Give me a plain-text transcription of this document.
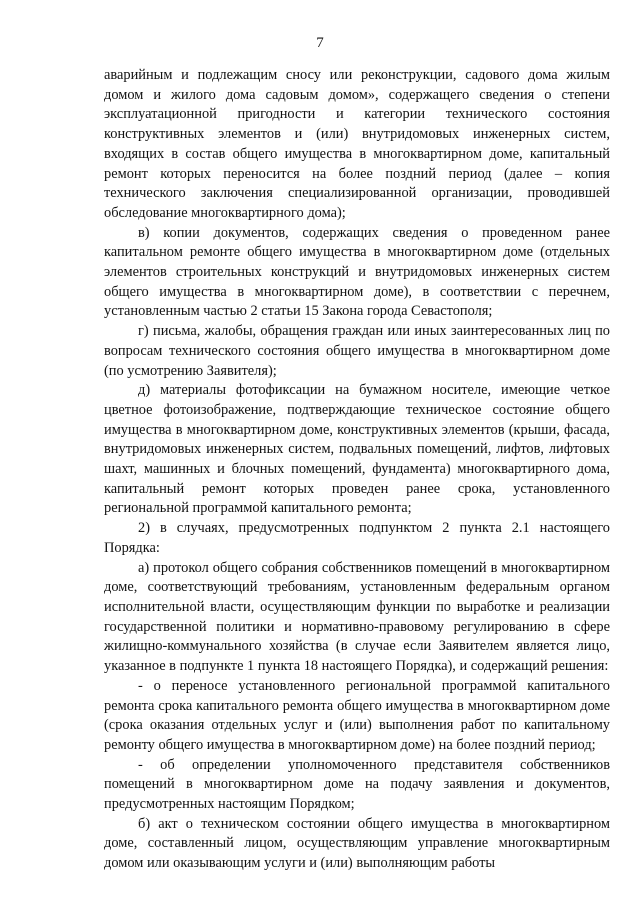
7

аварийным и подлежащим сносу или реконструкции, садового дома жилым домом и жилого дома садовым домом», содержащего сведения о степени эксплуатационной пригодности и категории технического состояния конструктивных элементов и (или) внутридомовых инженерных систем, входящих в состав общего имущества в многоквартирном доме, капитальный ремонт которых переносится на более поздний период (далее – копия технического заключения специализированной организации, проводившей обследование многоквартирного дома);

в) копии документов, содержащих сведения о проведенном ранее капитальном ремонте общего имущества в многоквартирном доме (отдельных элементов строительных конструкций и внутридомовых инженерных систем общего имущества в многоквартирном доме), в соответствии с перечнем, установленным частью 2 статьи 15 Закона города Севастополя;

г) письма, жалобы, обращения граждан или иных заинтересованных лиц по вопросам технического состояния общего имущества в многоквартирном доме (по усмотрению Заявителя);

д) материалы фотофиксации на бумажном носителе, имеющие четкое цветное фотоизображение, подтверждающие техническое состояние общего имущества в многоквартирном доме, конструктивных элементов (крыши, фасада, внутридомовых инженерных систем, подвальных помещений, лифтов, лифтовых шахт, машинных и блочных помещений, фундамента) многоквартирного дома, капитальный ремонт которых проведен ранее срока, установленного региональной программой капитального ремонта;

2) в случаях, предусмотренных подпунктом 2 пункта 2.1 настоящего Порядка:

а) протокол общего собрания собственников помещений в многоквартирном доме, соответствующий требованиям, установленным федеральным органом исполнительной власти, осуществляющим функции по выработке и реализации государственной политики и нормативно-правовому регулированию в сфере жилищно-коммунального хозяйства (в случае если Заявителем является лицо, указанное в подпункте 1 пункта 18 настоящего Порядка), и содержащий решения:

- о переносе установленного региональной программой капитального ремонта срока капитального ремонта общего имущества в многоквартирном доме (срока оказания отдельных услуг и (или) выполнения работ по капитальному ремонту общего имущества в многоквартирном доме) на более поздний период;

- об определении уполномоченного представителя собственников помещений в многоквартирном доме на подачу заявления и документов, предусмотренных настоящим Порядком;

б) акт о техническом состоянии общего имущества в многоквартирном доме, составленный лицом, осуществляющим управление многоквартирным домом или оказывающим услуги и (или) выполняющим работы
